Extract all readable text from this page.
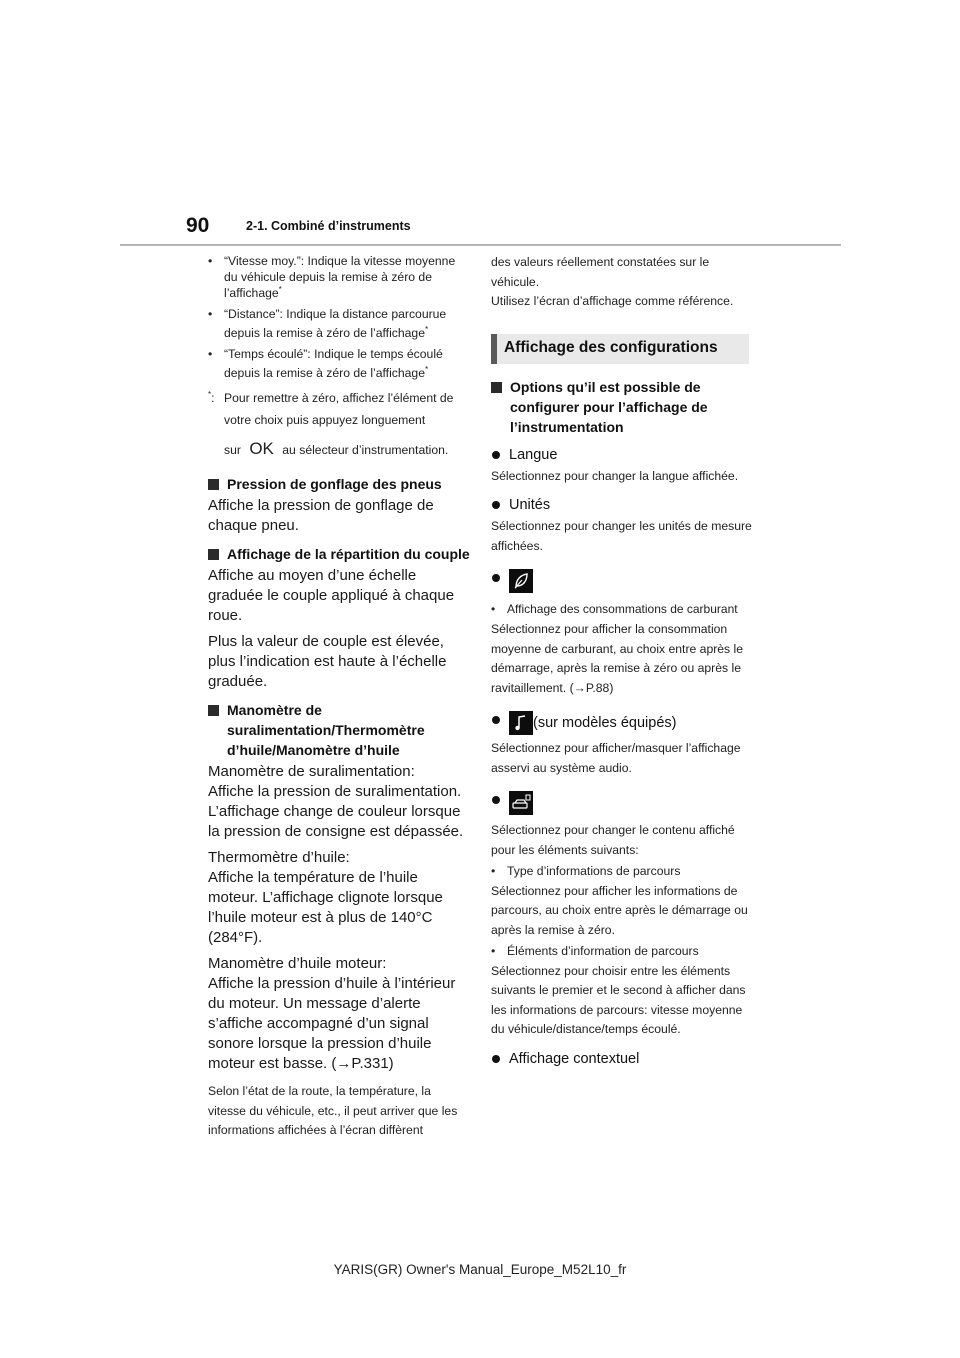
90	2-1. Combiné d’instruments
• “Vitesse moy.”: Indique la vitesse moyenne du véhicule depuis la remise à zéro de l’affichage*
• “Distance”: Indique la distance parcourue depuis la remise à zéro de l’affichage*
• “Temps écoulé”: Indique le temps écoulé depuis la remise à zéro de l’affichage*
*: Pour remettre à zéro, affichez l’élément de votre choix puis appuyez longuement
sur OK au sélecteur d’instrumentation.
Pression de gonflage des pneus
Affiche la pression de gonflage de chaque pneu.
Affichage de la répartition du couple
Affiche au moyen d’une échelle graduée le couple appliqué à chaque roue.
Plus la valeur de couple est élevée, plus l’indication est haute à l’échelle graduée.
Manomètre de suralimentation/Thermomètre d’huile/Manomètre d’huile
Manomètre de suralimentation:
Affiche la pression de suralimentation. L’affichage change de couleur lorsque la pression de consigne est dépassée.
Thermomètre d’huile:
Affiche la température de l’huile moteur. L’affichage clignote lorsque l’huile moteur est à plus de 140°C (284°F).
Manomètre d’huile moteur:
Affiche la pression d’huile à l’intérieur du moteur. Un message d’alerte s’affiche accompagné d’un signal sonore lorsque la pression d’huile moteur est basse. (→P.331)
Selon l’état de la route, la température, la vitesse du véhicule, etc., il peut arriver que les informations affichées à l’écran diffèrent
des valeurs réellement constatées sur le véhicule.
Utilisez l’écran d’affichage comme référence.
Affichage des configurations
Options qu’il est possible de configurer pour l’affichage de l’instrumentation
Langue
Sélectionnez pour changer la langue affichée.
Unités
Sélectionnez pour changer les unités de mesure affichées.
• Affichage des consommations de carburant
Sélectionnez pour afficher la consommation moyenne de carburant, au choix entre après le démarrage, après la remise à zéro ou après le ravitaillement. (→P.88)
(sur modèles équipés)
Sélectionnez pour afficher/masquer l’affichage asservi au système audio.
Sélectionnez pour changer le contenu affiché pour les éléments suivants:
• Type d’informations de parcours
Sélectionnez pour afficher les informations de parcours, au choix entre après le démarrage ou après la remise à zéro.
• Éléments d’information de parcours
Sélectionnez pour choisir entre les éléments suivants le premier et le second à afficher dans les informations de parcours: vitesse moyenne du véhicule/distance/temps écoulé.
Affichage contextuel
YARIS(GR) Owner's Manual_Europe_M52L10_fr
